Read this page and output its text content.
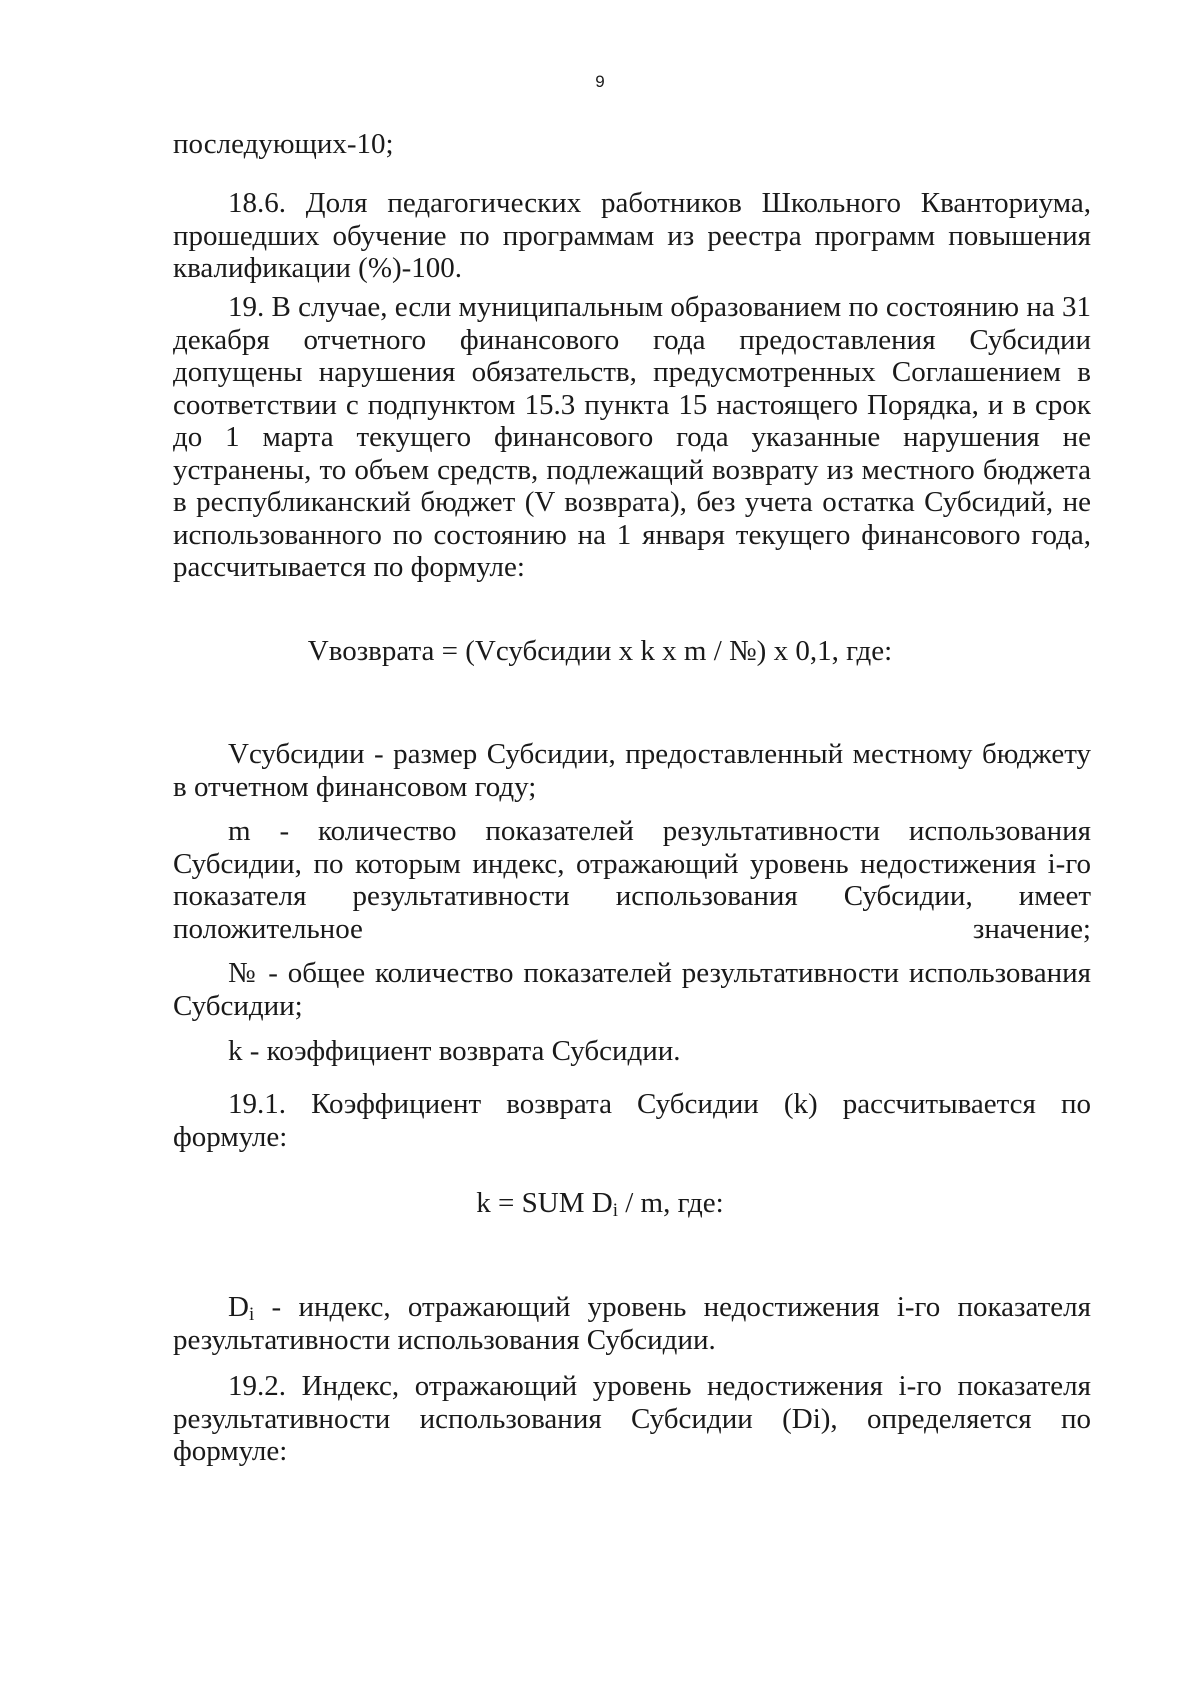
9

последующих-10;

18.6. Доля педагогических работников Школьного Кванториума, прошедших обучение по программам из реестра программ повышения квалификации (%)-100.

19. В случае, если муниципальным образованием по состоянию на 31 декабря отчетного финансового года предоставления Субсидии допущены нарушения обязательств, предусмотренных Соглашением в соответствии с подпунктом 15.3 пункта 15 настоящего Порядка, и в срок до 1 марта текущего финансового года указанные нарушения не устранены, то объем средств, подлежащий возврату из местного бюджета в республиканский бюджет (V возврата), без учета остатка Субсидий, не использованного по состоянию на 1 января текущего финансового года, рассчитывается по формуле:

Vвозврата = (Vсубсидии x k x m / №) x 0,1, где:

Vсубсидии - размер Субсидии, предоставленный местному бюджету в отчетном финансовом году;

m - количество показателей результативности использования Субсидии, по которым индекс, отражающий уровень недостижения i-го показателя результативности использования Субсидии, имеет положительное значение;

№ - общее количество показателей результативности использования Субсидии;

k - коэффициент возврата Субсидии.

19.1. Коэффициент возврата Субсидии (k) рассчитывается по формуле:

k = SUM $D_i$ / m, где:

$D_i$ - индекс, отражающий уровень недостижения i-го показателя результативности использования Субсидии.

19.2. Индекс, отражающий уровень недостижения i-го показателя результативности использования Субсидии (Di), определяется по формуле:
